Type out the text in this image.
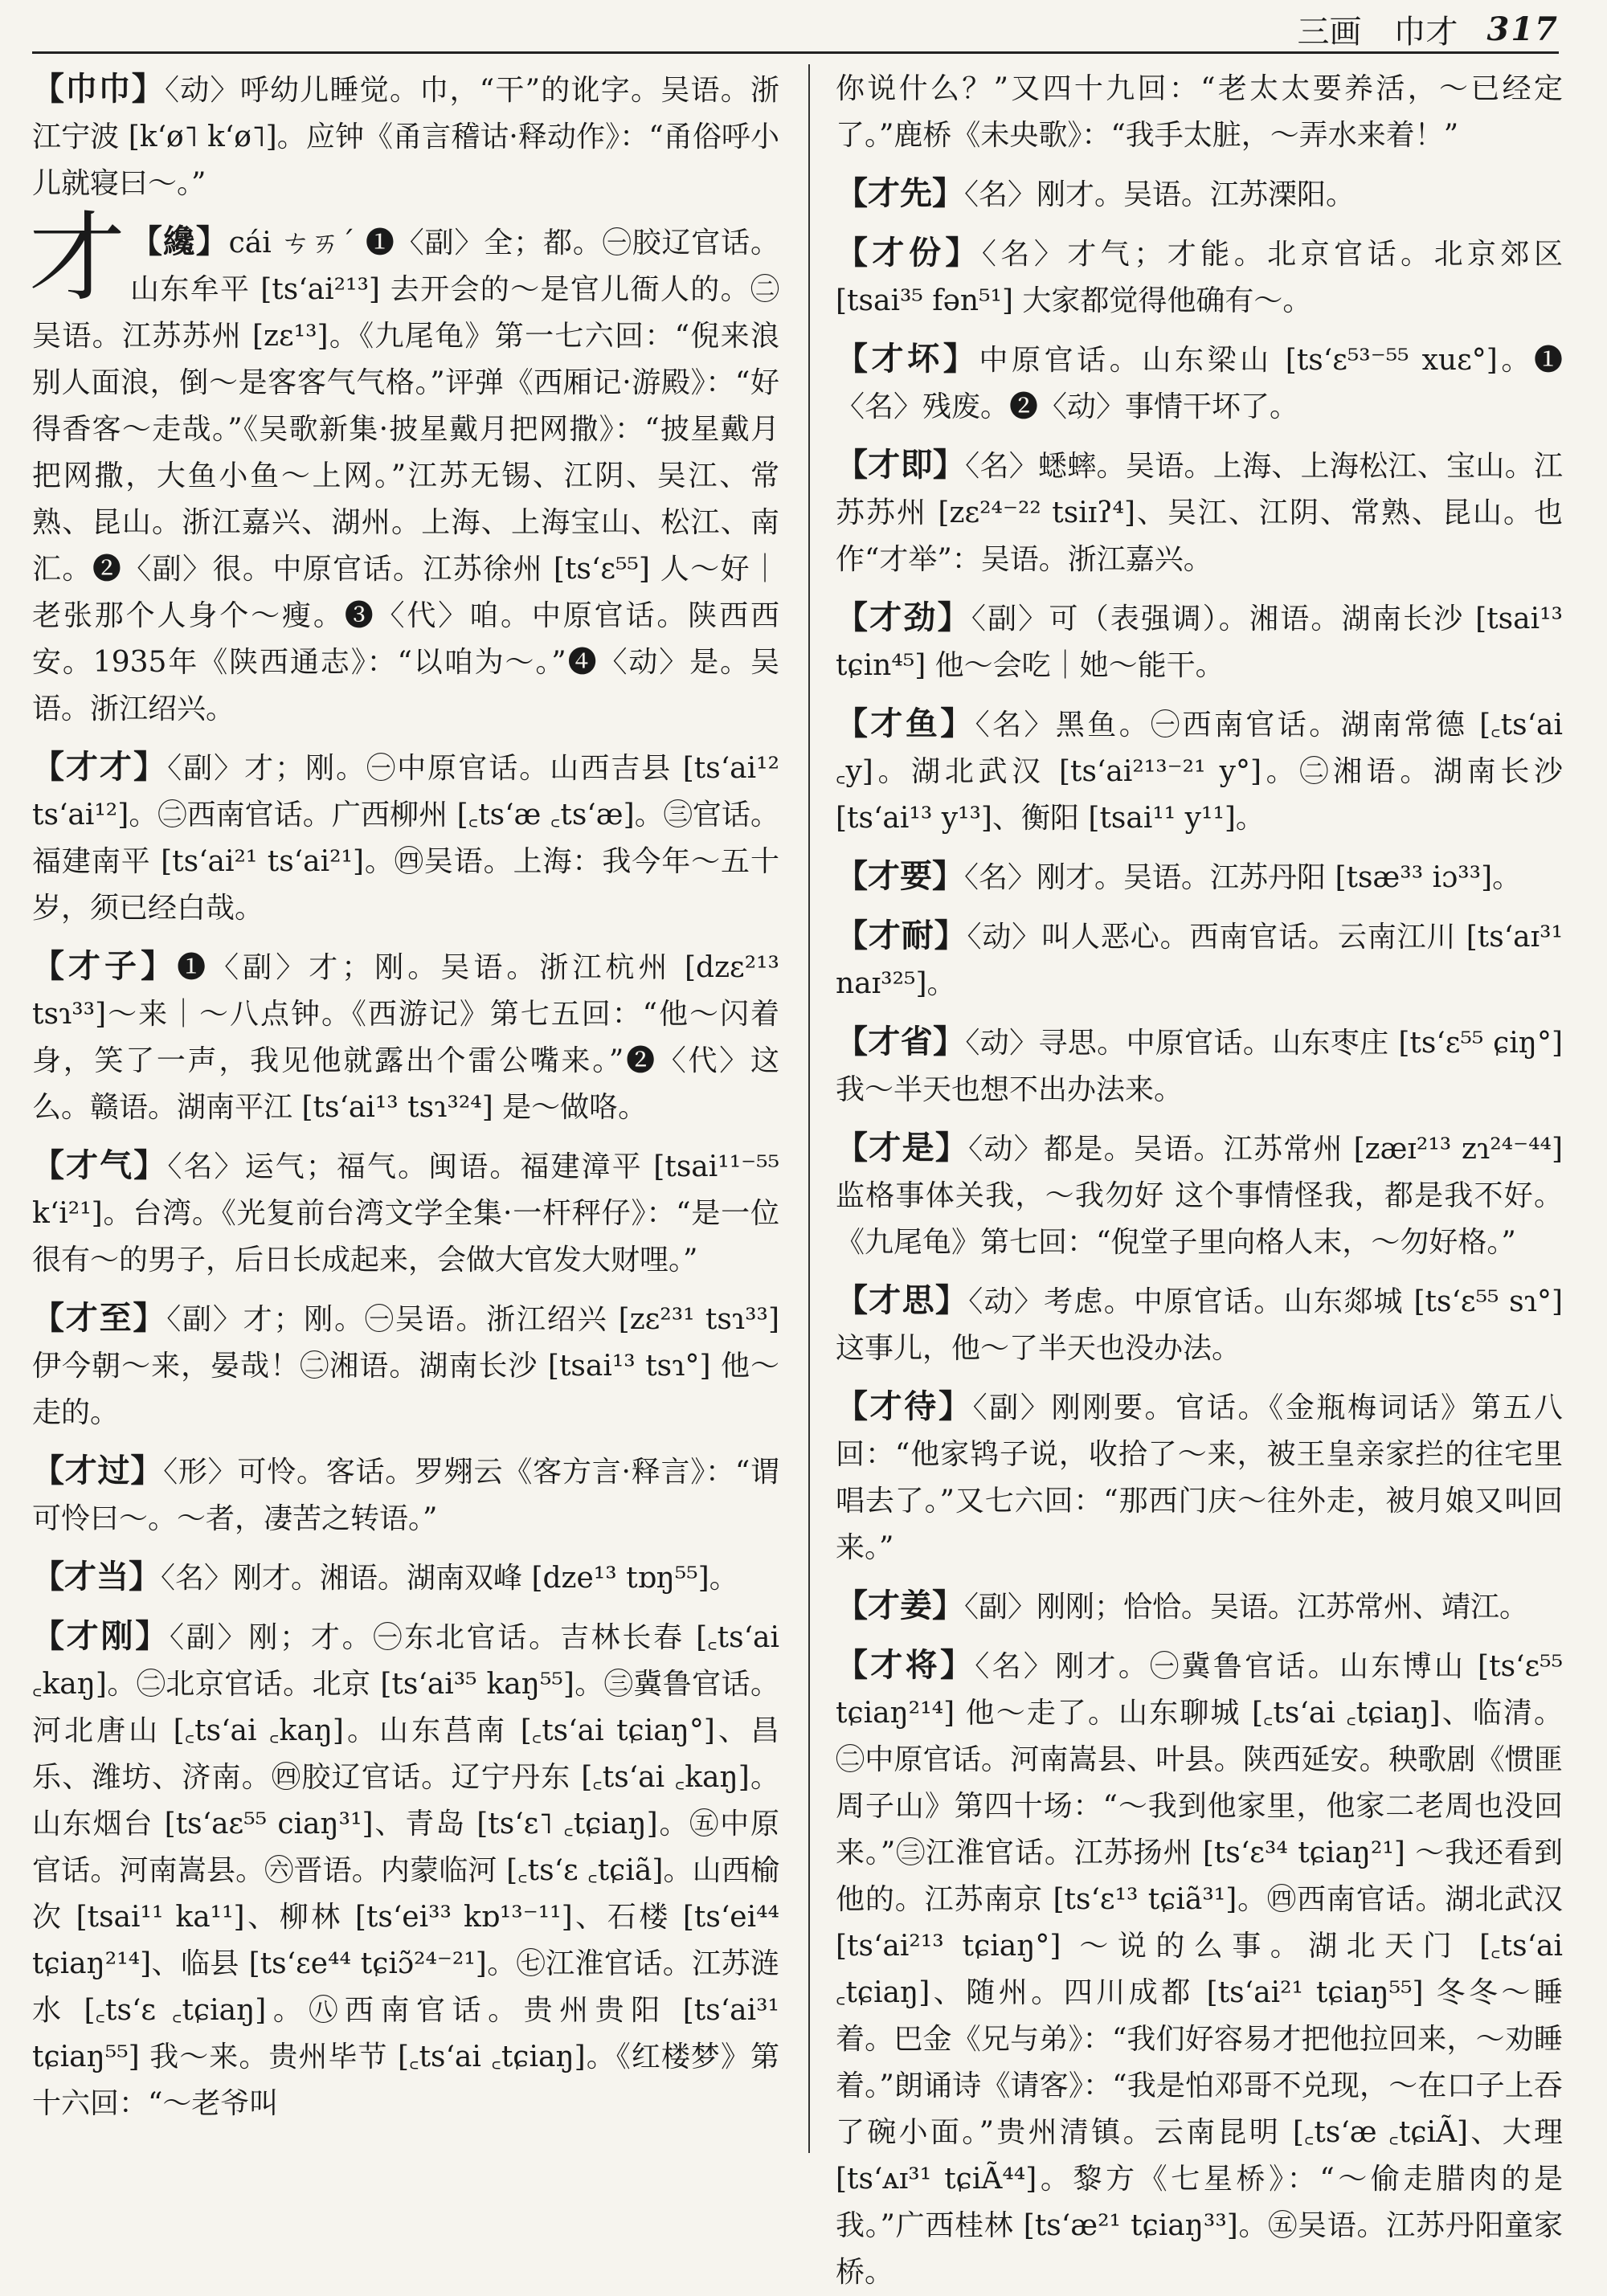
三画　巾才 317
【巾巾】〈动〉呼幼儿睡觉。巾，“干”的讹字。吴语。浙江宁波 [k‘ø˥ k‘ø˥]。应钟《甬言稽诂·释动作》：“甬俗呼小儿就寝曰～。”
才 【纔】cái ㄘㄞˊ ❶〈副〉全；都。㊀胶辽官话。山东牟平 [ts‘ai²¹³] 去开会的～是官儿衙人的。㊁吴语。江苏苏州 [zɛ¹³]。《九尾龟》第一七六回：“倪来浪别人面浪，倒～是客客气气格。”评弹《西厢记·游殿》：“好得香客～走哉。”《吴歌新集·披星戴月把网撒》：“披星戴月把网撒，大鱼小鱼～上网。”江苏无锡、江阴、吴江、常熟、昆山。浙江嘉兴、湖州。上海、上海宝山、松江、南汇。❷〈副〉很。中原官话。江苏徐州 [ts‘ɛ⁵⁵] 人～好｜老张那个人身个～瘦。❸〈代〉咱。中原官话。陕西西安。1935年《陕西通志》：“以咱为～。”❹〈动〉是。吴语。浙江绍兴。
【才才】〈副〉才；刚。㊀中原官话。山西吉县 [ts‘ai¹² ts‘ai¹²]。㊁西南官话。广西柳州 [꜀ts‘æ ꜀ts‘æ]。㊂官话。福建南平 [ts‘ai²¹ ts‘ai²¹]。㊃吴语。上海：我今年～五十岁，须已经白哉。
【才子】❶〈副〉才；刚。吴语。浙江杭州 [dzɛ²¹³ tsɿ³³]～来｜～八点钟。《西游记》第七五回：“他～闪着身，笑了一声，我见他就露出个雷公嘴来。”❷〈代〉这么。赣语。湖南平江 [ts‘ai¹³ tsɿ³²⁴] 是～做咯。
【才气】〈名〉运气；福气。闽语。福建漳平 [tsai¹¹⁻⁵⁵ k‘i²¹]。台湾。《光复前台湾文学全集·一杆秤仔》：“是一位很有～的男子，后日长成起来，会做大官发大财哩。”
【才至】〈副〉才；刚。㊀吴语。浙江绍兴 [zɛ²³¹ tsɿ³³] 伊今朝～来，晏哉！㊁湘语。湖南长沙 [tsai¹³ tsɿ°] 他～走的。
【才过】〈形〉可怜。客话。罗翙云《客方言·释言》：“谓可怜曰～。～者，凄苦之转语。”
【才当】〈名〉刚才。湘语。湖南双峰 [dze¹³ tɒŋ⁵⁵]。
【才刚】〈副〉刚；才。㊀东北官话。吉林长春 [꜀ts‘ai ꜀kaŋ]。㊁北京官话。北京 [ts‘ai³⁵ kaŋ⁵⁵]。㊂冀鲁官话。河北唐山 [꜀ts‘ai ꜀kaŋ]。山东莒南 [꜀ts‘ai tɕiaŋ°]、昌乐、潍坊、济南。㊃胶辽官话。辽宁丹东 [꜀ts‘ai ꜀kaŋ]。山东烟台 [ts‘aɛ⁵⁵ ciaŋ³¹]、青岛 [ts‘ɛ˥ ꜀tɕiaŋ]。㊄中原官话。河南嵩县。㊅晋语。内蒙临河 [꜀ts‘ɛ ꜀tɕiã]。山西榆次 [tsai¹¹ ka¹¹]、柳林 [ts‘ei³³ kɒ¹³⁻¹¹]、石楼 [ts‘ei⁴⁴ tɕiaŋ²¹⁴]、临县 [ts‘ɛe⁴⁴ tɕiɔ̃²⁴⁻²¹]。㊆江淮官话。江苏涟水 [꜀ts‘ɛ ꜀tɕiaŋ]。㊇西南官话。贵州贵阳 [ts‘ai³¹ tɕiaŋ⁵⁵] 我～来。贵州毕节 [꜀ts‘ai ꜀tɕiaŋ]。《红楼梦》第十六回：“～老爷叫
你说什么？”又四十九回：“老太太要养活，～已经定了。”鹿桥《未央歌》：“我手太脏，～弄水来着！”
【才先】〈名〉刚才。吴语。江苏溧阳。
【才份】〈名〉才气；才能。北京官话。北京郊区 [tsai³⁵ fən⁵¹] 大家都觉得他确有～。
【才坏】中原官话。山东梁山 [ts‘ɛ⁵³⁻⁵⁵ xuɛ°]。❶〈名〉残废。❷〈动〉事情干坏了。
【才即】〈名〉蟋蟀。吴语。上海、上海松江、宝山。江苏苏州 [zɛ²⁴⁻²² tsiɪʔ⁴]、吴江、江阴、常熟、昆山。也作“才举”：吴语。浙江嘉兴。
【才劲】〈副〉可（表强调）。湘语。湖南长沙 [tsai¹³ tɕin⁴⁵] 他～会吃｜她～能干。
【才鱼】〈名〉黑鱼。㊀西南官话。湖南常德 [꜀ts‘ai ꜀y]。湖北武汉 [ts‘ai²¹³⁻²¹ y°]。㊁湘语。湖南长沙 [ts‘ai¹³ y¹³]、衡阳 [tsai¹¹ y¹¹]。
【才要】〈名〉刚才。吴语。江苏丹阳 [tsæ³³ iɔ³³]。
【才耐】〈动〉叫人恶心。西南官话。云南江川 [ts‘aɪ³¹ naɪ³²⁵]。
【才省】〈动〉寻思。中原官话。山东枣庄 [ts‘ɛ⁵⁵ ɕiŋ°] 我～半天也想不出办法来。
【才是】〈动〉都是。吴语。江苏常州 [zæɪ²¹³ zɿ²⁴⁻⁴⁴] 监格事体关我，～我勿好 这个事情怪我，都是我不好。《九尾龟》第七回：“倪堂子里向格人末，～勿好格。”
【才思】〈动〉考虑。中原官话。山东郯城 [ts‘ɛ⁵⁵ sɿ°] 这事儿，他～了半天也没办法。
【才待】〈副〉刚刚要。官话。《金瓶梅词话》第五八回：“他家鸨子说，收拾了～来，被王皇亲家拦的往宅里唱去了。”又七六回：“那西门庆～往外走，被月娘又叫回来。”
【才姜】〈副〉刚刚；恰恰。吴语。江苏常州、靖江。
【才将】〈名〉刚才。㊀冀鲁官话。山东博山 [ts‘ɛ⁵⁵ tɕiaŋ²¹⁴] 他～走了。山东聊城 [꜀ts‘ai ꜀tɕiaŋ]、临清。㊁中原官话。河南嵩县、叶县。陕西延安。秧歌剧《惯匪周子山》第四十场：“～我到他家里，他家二老周也没回来。”㊂江淮官话。江苏扬州 [ts‘ɛ³⁴ tɕiaŋ²¹] ～我还看到他的。江苏南京 [ts‘ɛ¹³ tɕiã³¹]。㊃西南官话。湖北武汉 [ts‘ai²¹³ tɕiaŋ°] ～说的么事。湖北天门 [꜀ts‘ai ꜀tɕiaŋ]、随州。四川成都 [ts‘ai²¹ tɕiaŋ⁵⁵] 冬冬～睡着。巴金《兄与弟》：“我们好容易才把他拉回来，～劝睡着。”朗诵诗《请客》：“我是怕邓哥不兑现，～在口子上吞了碗小面。”贵州清镇。云南昆明 [꜀ts‘æ ꜀tɕiÃ]、大理 [ts‘ᴀɪ³¹ tɕiÃ⁴⁴]。黎方《七星桥》：“～偷走腊肉的是我。”广西桂林 [ts‘æ²¹ tɕiaŋ³³]。㊄吴语。江苏丹阳童家桥。
